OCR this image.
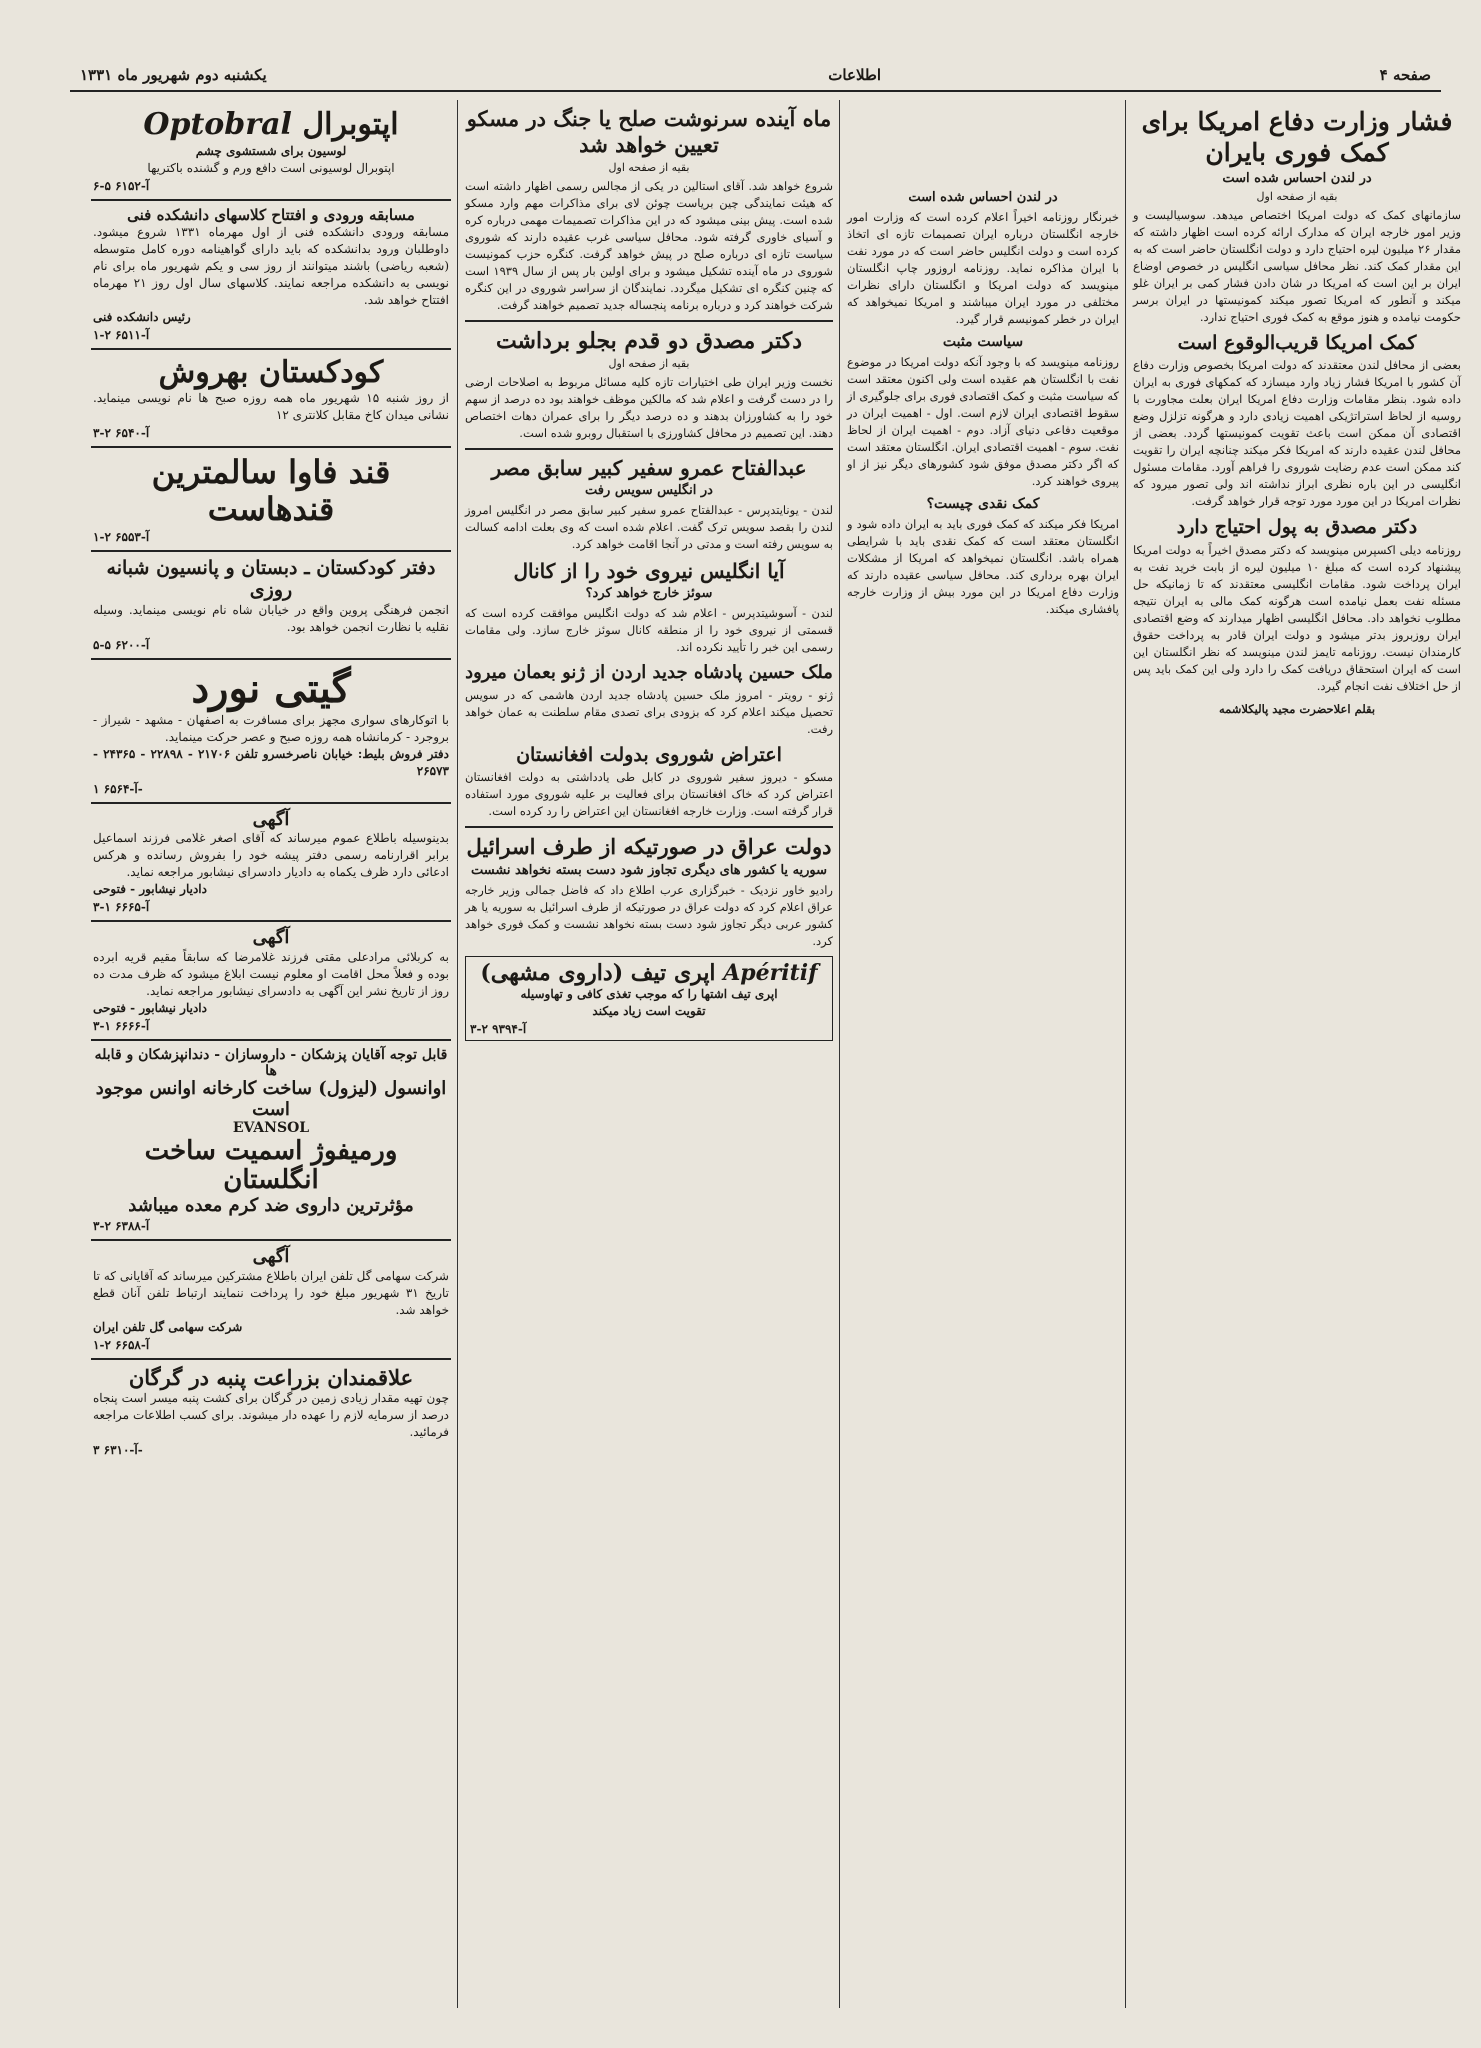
صفحه ۴
اطلاعات
یکشنبه دوم شهریور ماه ۱۳۳۱
فشار وزارت دفاع امریکا برای کمک فوری بایران
در لندن احساس شده است
بقیه از صفحه اول

سازمانهای کمک که دولت امریکا اختصاص میدهد. سوسیالیست و وزیر امور خارجه ایران که مدارک ارائه کرده است اظهار داشته که مقدار ۲۶ میلیون لیره احتیاج دارد و دولت انگلستان حاضر است که به این مقدار کمک کند. نظر محافل سیاسی انگلیس در خصوص اوضاع ایران بر این است که امریکا در شان دادن فشار کمی بر ایران غلو میکند و آنطور که امریکا تصور میکند کمونیستها در ایران برسر حکومت نیامده و هنوز موقع به کمک فوری احتیاج ندارد.

کمک امریکا قریب‌الوقوع است

بعضی از محافل لندن معتقدند که دولت امریکا بخصوص وزارت دفاع آن کشور با امریکا فشار زیاد وارد میسازد که کمکهای فوری به ایران داده شود. بنظر مقامات وزارت دفاع امریکا ایران بعلت مجاورت با روسیه از لحاظ استراتژیکی اهمیت زیادی دارد و هرگونه تزلزل وضع اقتصادی آن ممکن است باعث تقویت کمونیستها گردد. بعضی از محافل لندن عقیده دارند که امریکا فکر میکند چنانچه ایران را تقویت کند ممکن است عدم رضایت شوروی را فراهم آورد. مقامات مسئول انگلیسی در این باره نظری ابراز نداشته اند ولی تصور میرود که نظرات امریکا در این مورد مورد توجه قرار خواهد گرفت.

دکتر مصدق به پول احتیاج دارد

روزنامه دیلی اکسپرس مینویسد که دکتر مصدق اخیراً به دولت امریکا پیشنهاد کرده است که مبلغ ۱۰ میلیون لیره از بابت خرید نفت به ایران پرداخت شود. مقامات انگلیسی معتقدند که تا زمانیکه حل مسئله نفت بعمل نیامده است هرگونه کمک مالی به ایران نتیجه مطلوب نخواهد داد. محافل انگلیسی اظهار میدارند که وضع اقتصادی ایران روزبروز بدتر میشود و دولت ایران قادر به پرداخت حقوق کارمندان نیست. روزنامه تایمز لندن مینویسد که نظر انگلستان این است که ایران استحقاق دریافت کمک را دارد ولی این کمک باید پس از حل اختلاف نفت انجام گیرد.

بقلم اعلاحضرت مجید پالیکلاشمه

در لندن احساس شده است

خبرنگار روزنامه اخیراً اعلام کرده است که وزارت امور خارجه انگلستان درباره ایران تصمیمات تازه ای اتخاذ کرده است و دولت انگلیس حاضر است که در مورد نفت با ایران مذاکره نماید. روزنامه اروزور چاپ انگلستان مینویسد که دولت امریکا و انگلستان دارای نظرات مختلفی در مورد ایران میباشند و امریکا نمیخواهد که ایران در خطر کمونیسم قرار گیرد.

سیاست مثبت

روزنامه مینویسد که با وجود آنکه دولت امریکا در موضوع نفت با انگلستان هم عقیده است ولی اکنون معتقد است که سیاست مثبت و کمک اقتصادی فوری برای جلوگیری از سقوط اقتصادی ایران لازم است. اول - اهمیت ایران در موقعیت دفاعی دنیای آزاد. دوم - اهمیت ایران از لحاظ نفت. سوم - اهمیت اقتصادی ایران. انگلستان معتقد است که اگر دکتر مصدق موفق شود کشورهای دیگر نیز از او پیروی خواهند کرد.

کمک نقدی چیست؟

امریکا فکر میکند که کمک فوری باید به ایران داده شود و انگلستان معتقد است که کمک نقدی باید با شرایطی همراه باشد. انگلستان نمیخواهد که امریکا از مشکلات ایران بهره برداری کند. محافل سیاسی عقیده دارند که وزارت دفاع امریکا در این مورد بیش از وزارت خارجه پافشاری میکند.

ماه آینده سرنوشت صلح یا جنگ در مسکو تعیین خواهد شد
بقیه از صفحه اول

شروع خواهد شد. آقای استالین در یکی از مجالس رسمی اظهار داشته است که هیئت نمایندگی چین بریاست چوئن لای برای مذاکرات مهم وارد مسکو شده است. پیش بینی میشود که در این مذاکرات تصمیمات مهمی درباره کره و آسیای خاوری گرفته شود. محافل سیاسی غرب عقیده دارند که شوروی سیاست تازه ای درباره صلح در پیش خواهد گرفت. کنگره حزب کمونیست شوروی در ماه آینده تشکیل میشود و برای اولین بار پس از سال ۱۹۳۹ است که چنین کنگره ای تشکیل میگردد. نمایندگان از سراسر شوروی در این کنگره شرکت خواهند کرد و درباره برنامه پنجساله جدید تصمیم خواهند گرفت.

دکتر مصدق دو قدم بجلو برداشت
بقیه از صفحه اول

نخست وزیر ایران طی اختیارات تازه کلیه مسائل مربوط به اصلاحات ارضی را در دست گرفت و اعلام شد که مالکین موظف خواهند بود ده درصد از سهم خود را به کشاورزان بدهند و ده درصد دیگر را برای عمران دهات اختصاص دهند. این تصمیم در محافل کشاورزی با استقبال روبرو شده است.

عبدالفتاح عمرو سفیر کبیر سابق مصر
در انگلیس سویس رفت

لندن - یونایتدپرس - عبدالفتاح عمرو سفیر کبیر سابق مصر در انگلیس امروز لندن را بقصد سویس ترک گفت. اعلام شده است که وی بعلت ادامه کسالت به سویس رفته است و مدتی در آنجا اقامت خواهد کرد.

آیا انگلیس نیروی خود را از کانال
سوئز خارج خواهد کرد؟

لندن - آسوشیتدپرس - اعلام شد که دولت انگلیس موافقت کرده است که قسمتی از نیروی خود را از منطقه کانال سوئز خارج سازد. ولی مقامات رسمی این خبر را تأیید نکرده اند.

ملک حسین پادشاه جدید اردن از ژنو بعمان میرود

ژنو - رویتر - امروز ملک حسین پادشاه جدید اردن هاشمی که در سویس تحصیل میکند اعلام کرد که بزودی برای تصدی مقام سلطنت به عمان خواهد رفت.

اعتراض شوروی بدولت افغانستان

مسکو - دیروز سفیر شوروی در کابل طی یادداشتی به دولت افغانستان اعتراض کرد که خاک افغانستان برای فعالیت بر علیه شوروی مورد استفاده قرار گرفته است. وزارت خارجه افغانستان این اعتراض را رد کرده است.

دولت عراق در صورتیکه از طرف اسرائیل
سوریه یا کشور های دیگری تجاوز شود دست بسته نخواهد نشست

رادیو خاور نزدیک - خبرگزاری عرب اطلاع داد که فاضل جمالی وزیر خارجه عراق اعلام کرد که دولت عراق در صورتیکه از طرف اسرائیل به سوریه یا هر کشور عربی دیگر تجاوز شود دست بسته نخواهد نشست و کمک فوری خواهد کرد.

Apéritif اپری تیف (داروی مشهی)
اپری تیف اشتها را که موجب تغذی کافی و تهاوسیله
تقویت است زیاد میکند
آ-۹۳۹۴ ۲-۳
اپتوبرال Optobral
لوسیون برای شستشوی چشم
اپتوبرال لوسیونی است دافع ورم و گشنده باکتریها
آ-۶۱۵۲ ۵-۶
مسابقه ورودی و افتتاح کلاسهای دانشکده فنی
مسابقه ورودی دانشکده فنی از اول مهرماه ۱۳۳۱ شروع میشود. داوطلبان ورود بدانشکده که باید دارای گواهینامه دوره کامل متوسطه (شعبه ریاضی) باشند میتوانند از روز سی و یکم شهریور ماه برای نام نویسی به دانشکده مراجعه نمایند. کلاسهای سال اول روز ۲۱ مهرماه افتتاح خواهد شد.
رئیس دانشکده فنی
آ-۶۵۱۱ ۲-۱
کودکستان بهروش
از روز شنبه ۱۵ شهریور ماه همه روزه صبح ها نام نویسی مینماید. نشانی میدان کاخ مقابل کلانتری ۱۲
آ-۶۵۴۰ ۲-۳
قند فاوا سالمترین قندهاست
آ-۶۵۵۳ ۲-۱
دفتر کودکستان ـ دبستان و پانسیون شبانه روزی
انجمن فرهنگی پروین واقع در خیابان شاه نام نویسی مینماید. وسیله نقلیه با نظارت انجمن خواهد بود.
آ-۶۲۰۰ ۵-۵
گیتی نورد
با اتوکارهای سواری مجهز برای مسافرت به اصفهان - مشهد - شیراز - بروجرد - کرمانشاه همه روزه صبح و عصر حرکت مینماید.
دفتر فروش بلیط: خیابان ناصرخسرو تلفن ۲۱۷۰۶ - ۲۲۸۹۸ - ۲۴۳۶۵ - ۲۶۵۷۳
آ-۶۵۶۴ ۱-
آگهی
بدینوسیله باطلاع عموم میرساند که آقای اصغر غلامی فرزند اسماعیل برابر اقرارنامه رسمی دفتر پیشه خود را بفروش رسانده و هرکس ادعائی دارد ظرف یکماه به دادیار دادسرای نیشابور مراجعه نماید.
دادیار نیشابور - فتوحی
آ-۶۶۶۵ ۱-۳
آگهی
به کربلائی مرادعلی مقتی فرزند غلامرضا که سابقاً مقیم قریه ابرده بوده و فعلاً محل اقامت او معلوم نیست ابلاغ میشود که ظرف مدت ده روز از تاریخ نشر این آگهی به دادسرای نیشابور مراجعه نماید.
دادیار نیشابور - فتوحی
آ-۶۶۶۶ ۱-۳
قابل توجه آقایان پزشکان - داروسازان - دندانپزشکان و قابله ها
اوانسول (لیزول) ساخت کارخانه اوانس موجود است
EVANSOL
ورمیفوژ اسمیت ساخت انگلستان
مؤثرترین داروی ضد کرم معده میباشد
آ-۶۳۸۸ ۲-۳
آگهی
شرکت سهامی گل تلفن ایران باطلاع مشترکین میرساند که آقایانی که تا تاریخ ۳۱ شهریور مبلغ خود را پرداخت ننمایند ارتباط تلفن آنان قطع خواهد شد.
شرکت سهامی گل تلفن ایران
آ-۶۶۵۸ ۲-۱
علاقمندان بزراعت پنبه در گرگان
چون تهیه مقدار زیادی زمین در گرگان برای کشت پنبه میسر است پنجاه درصد از سرمایه لازم را عهده دار میشوند. برای کسب اطلاعات مراجعه فرمائید.
آ-۶۳۱۰ ۳-
